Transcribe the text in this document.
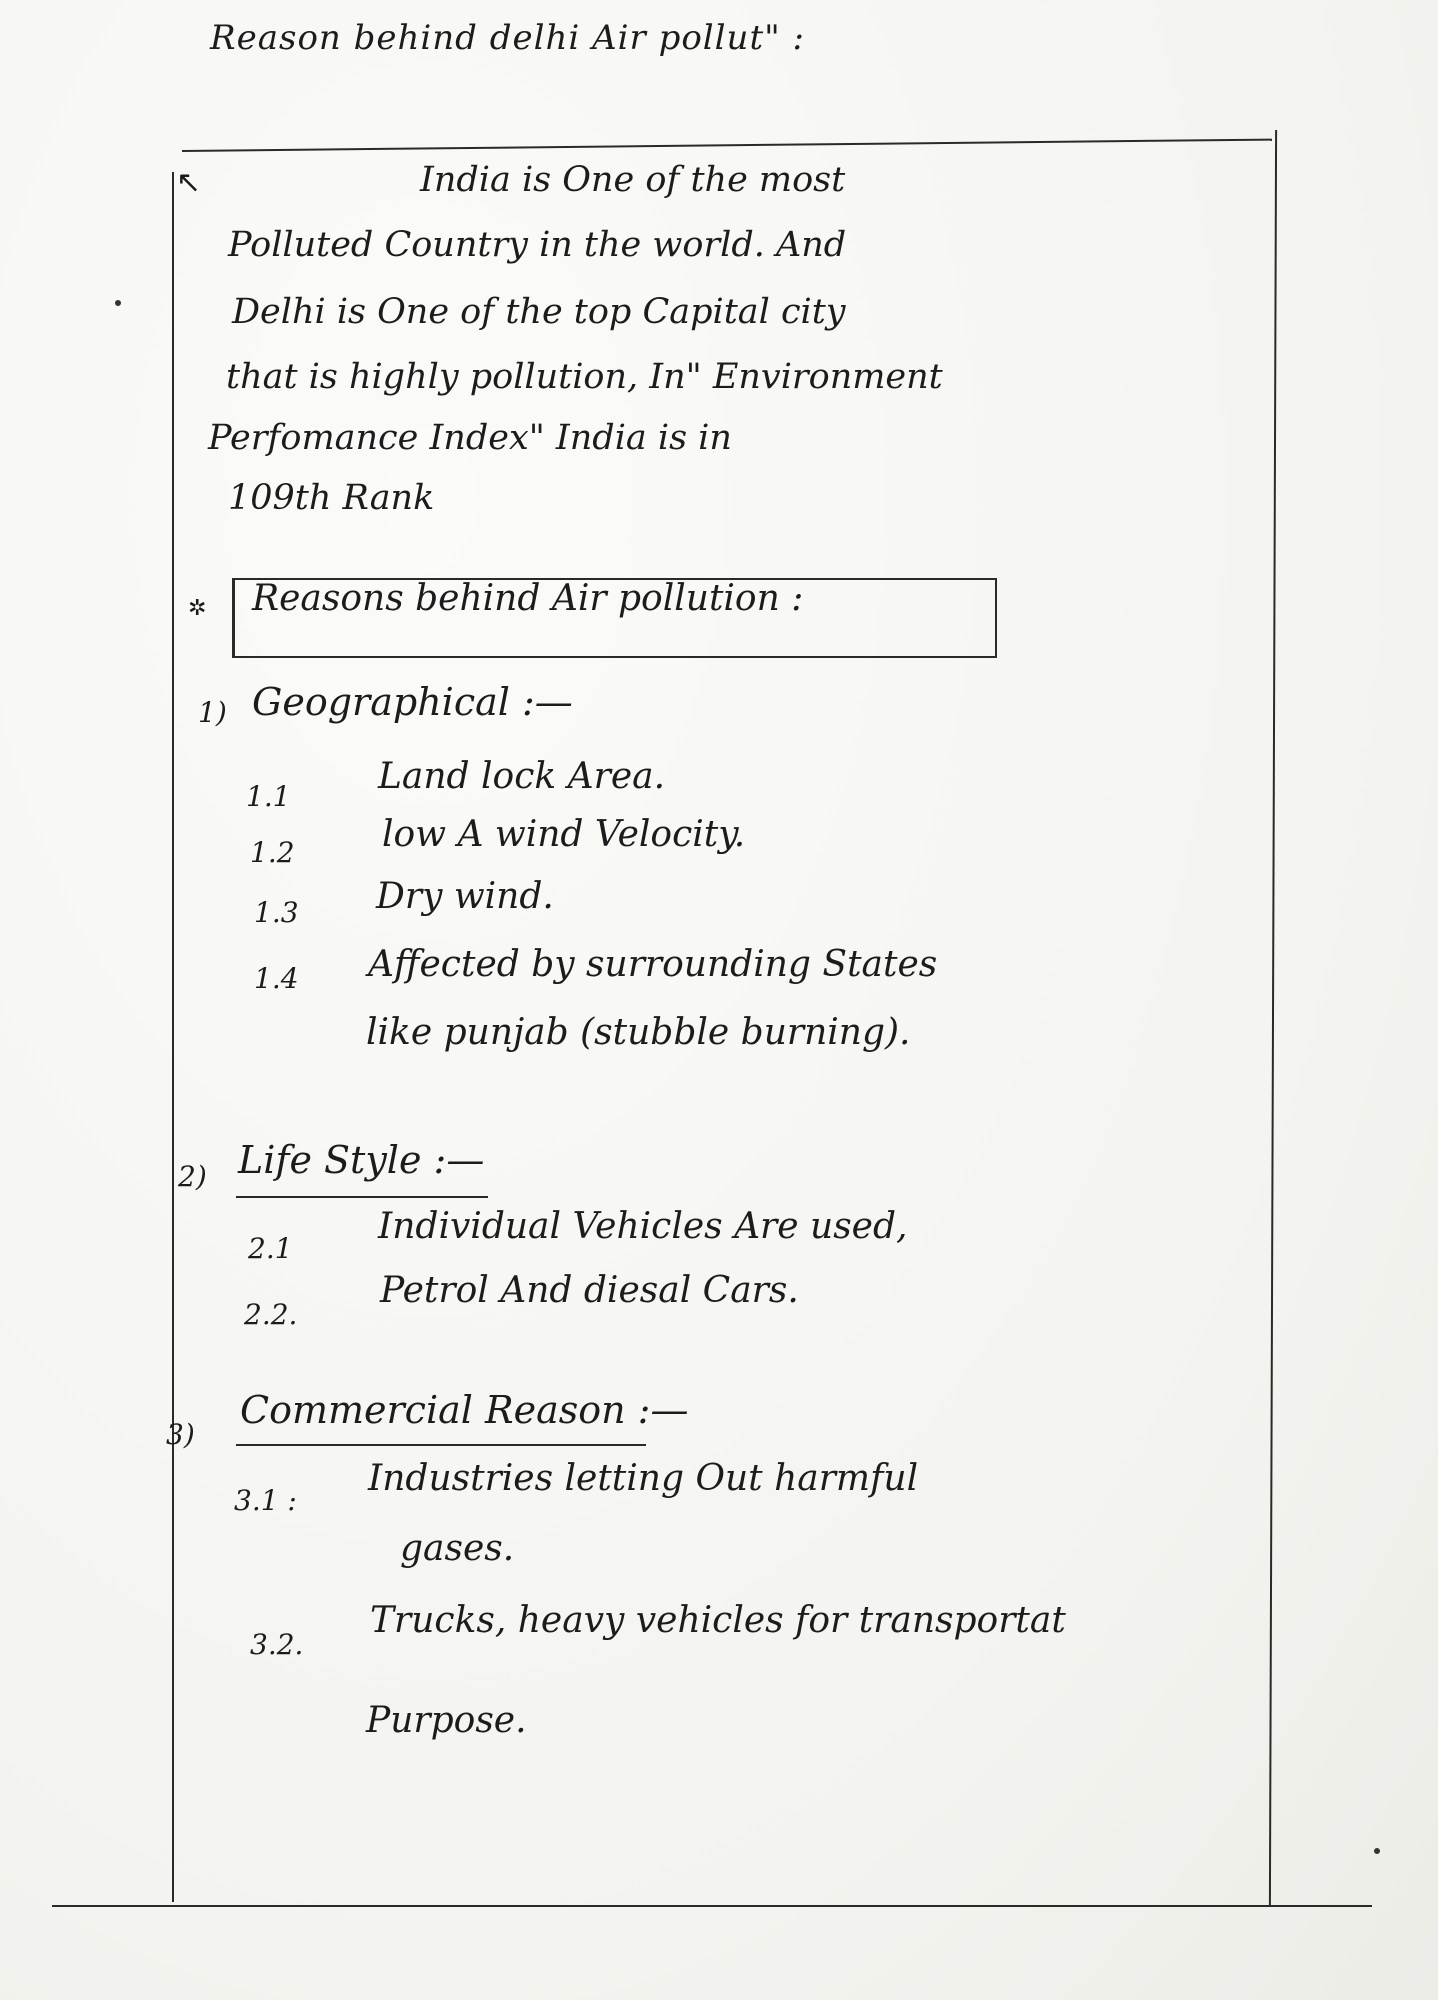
Reason behind delhi Air pollut" :
↖	India is One of the most
Polluted Country in the world. And
Delhi is One of the top Capital city
that is highly pollution, In" Environment
Perfomance Index" India is in
109th Rank
✲ Reasons behind Air pollution :
1) Geographical :—
1.1 Land lock Area.
1.2 low A wind Velocity.
1.3 Dry wind.
1.4 Affected by surrounding States
like punjab (stubble burning).
2) Life Style :—
2.1
Individual Vehicles Are used,
2.2.
Petrol And diesal Cars.
3)
Commercial Reason :—
3.1 :
Industries letting Out harmful
gases.
3.2.
Trucks, heavy vehicles for transportat
Purpose.
